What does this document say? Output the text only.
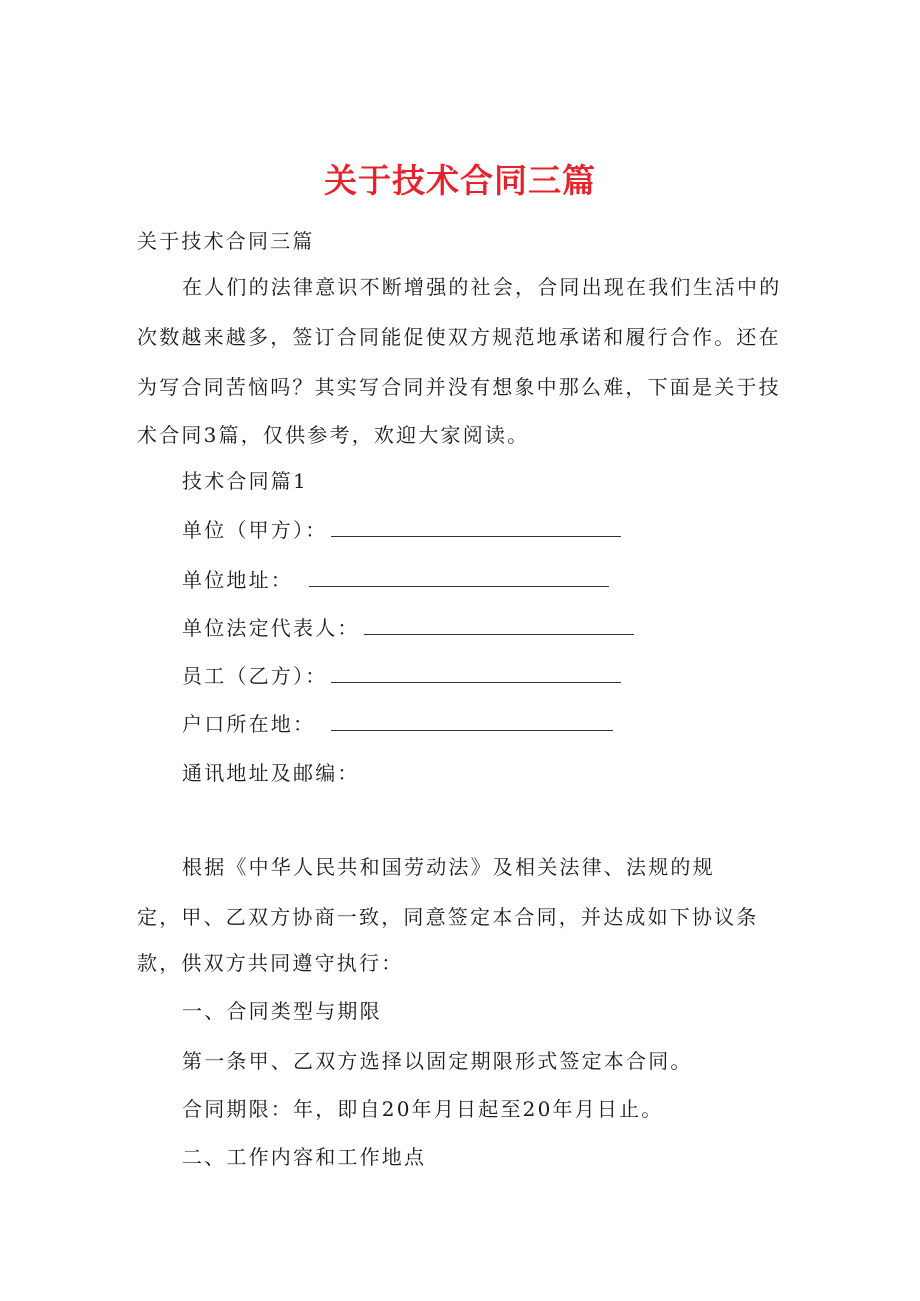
关于技术合同三篇
关于技术合同三篇
在人们的法律意识不断增强的社会，合同出现在我们生活中的
次数越来越多，签订合同能促使双方规范地承诺和履行合作。还在
为写合同苦恼吗？其实写合同并没有想象中那么难，下面是关于技
术合同3篇，仅供参考，欢迎大家阅读。
技术合同篇1
单位（甲方）：
单位地址：
单位法定代表人：
员工（乙方）：
户口所在地：
通讯地址及邮编：
根据《中华人民共和国劳动法》及相关法律、法规的规
定，甲、乙双方协商一致，同意签定本合同，并达成如下协议条
款，供双方共同遵守执行：
一、合同类型与期限
第一条甲、乙双方选择以固定期限形式签定本合同。
合同期限：年，即自20年月日起至20年月日止。
二、工作内容和工作地点
